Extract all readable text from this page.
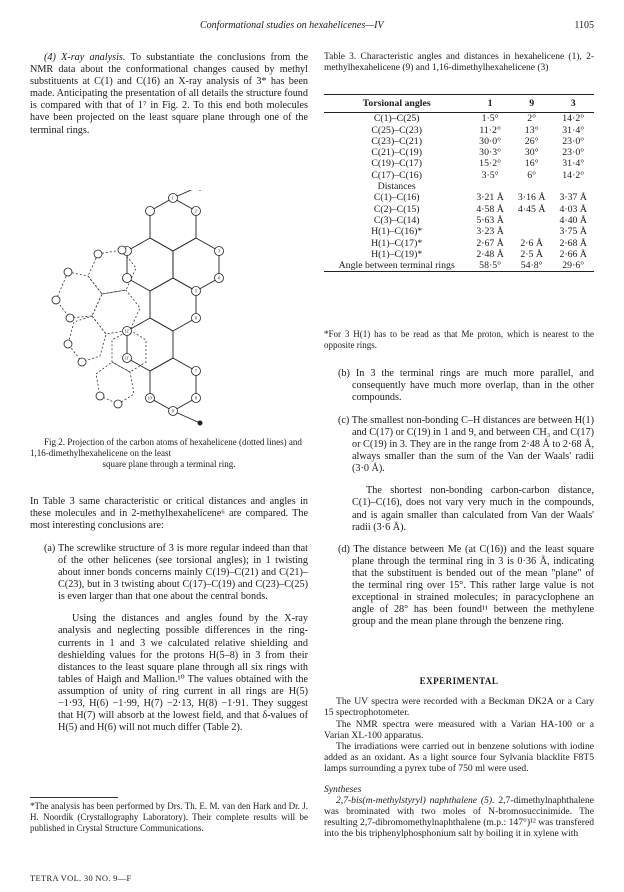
Conformational studies on hexahelicenes—IV	1105

(4) X-ray analysis. To substantiate the conclusions from the NMR data about the conformational changes caused by methyl substituents at C(1) and C(16) an X-ray analysis of 3* has been made. Anticipating the presentation of all details the structure found is compared with that of 1⁷ in Fig. 2. To this end both molecules have been projected on the least square plane through one of the terminal rings.

1'
2'
3'
4'
5'
6'
7'
8'
9'
10'
11'
12'
Fig 2. Projection of the carbon atoms of hexahelicene (dotted lines) and 1,16-dimethylhexahelicene on the least
square plane through a terminal ring.

In Table 3 same characteristic or critical distances and angles in these molecules and in 2-methylhexahelicene⁶ are compared. The most interesting conclusions are:

(a) The screwlike structure of 3 is more regular indeed than that of the other helicenes (see torsional angles); in 1 twisting about inner bonds concerns mainly C(19)–C(21) and C(21)–C(23), but in 3 twisting about C(17)–C(19) and C(23)–C(25) is even larger than that one about the central bonds.

Using the distances and angles found by the X-ray analysis and neglecting possible differences in the ring-currents in 1 and 3 we calculated relative shielding and deshielding values for the protons H(5–8) in 3 from their distances to the least square plane through all six rings with tables of Haigh and Mallion.¹⁰ The values obtained with the assumption of unity of ring current in all rings are H(5) −1·93, H(6) −1·99, H(7) −2·13, H(8) −1·91. They suggest that H(7) will absorb at the lowest field, and that δ-values of H(5) and H(6) will not much differ (Table 2).

*The analysis has been performed by Drs. Th. E. M. van den Hark and Dr. J. H. Noordik (Crystallography Laboratory). Their complete results will be published in Crystal Structure Communications.
TETRA VOL. 30 NO. 9—F
Table 3. Characteristic angles and distances in hexahelicene (1), 2-methylhexahelicene (9) and 1,16-dimethylhexahelicene (3)
Torsional angles	1	9	3
C(1)–C(25)	1·5°	2°	14·2°
C(25)–C(23)	11·2°	13°	31·4°
C(23)–C(21)	30·0°	26°	23·0°
C(21)–C(19)	30·3°	30°	23·0°
C(19)–C(17)	15·2°	16°	31·4°
C(17)–C(16)	3·5°	6°	14·2°
Distances			
C(1)–C(16)	3·21 Å	3·16 Å	3·37 Å
C(2)–C(15)	4·58 Å	4·45 Å	4·03 Å
C(3)–C(14)	5·63 Å		4·40 Å
H(1)–C(16)*	3·23 Å		3·75 Å
H(1)–C(17)*	2·67 Å	2·6 Å	2·68 Å
H(1)–C(19)*	2·48 Å	2·5 Å	2·66 Å
Angle between terminal rings	58·5°	54·8°	29·6°
*For 3 H(1) has to be read as that Me proton, which is nearest to the opposite rings.

(b) In 3 the terminal rings are much more parallel, and consequently have much more overlap, than in the other compounds.

(c) The smallest non-bonding C–H distances are between H(1) and C(17) or C(19) in 1 and 9, and between CH₃ and C(17) or C(19) in 3. They are in the range from 2·48 Å to 2·68 Å, always smaller than the sum of the Van der Waals' radii (3·0 Å).

The shortest non-bonding carbon-carbon distance, C(1)–C(16), does not vary very much in the compounds, and is again smaller than calculated from Van der Waals' radii (3·6 Å).

(d) The distance between Me (at C(16)) and the least square plane through the terminal ring in 3 is 0·36 Å, indicating that the substituent is bended out of the mean "plane" of the terminal ring over 15°. This rather large value is not exceptional in strained molecules; in paracyclophene an angle of 28° has been found¹¹ between the methylene group and the mean plane through the benzene ring.

EXPERIMENTAL

The UV spectra were recorded with a Beckman DK2A or a Cary 15 spectrophotometer.

The NMR spectra were measured with a Varian HA-100 or a Varian XL-100 apparatus.

The irradiations were carried out in benzene solutions with iodine added as an oxidant. As a light source four Sylvania blacklite F8T5 lamps surrounding a pyrex tube of 750 ml were used.

Syntheses

2,7-bis(m-methylstyryl) naphthalene (5). 2,7-dimethylnaphthalene was brominated with two moles of N-bromosuccinimide. The resulting 2,7-dibromomethylnaphthalene (m.p.: 147°)¹² was transfered into the bis triphenylphosphonium salt by boiling it in xylene with
